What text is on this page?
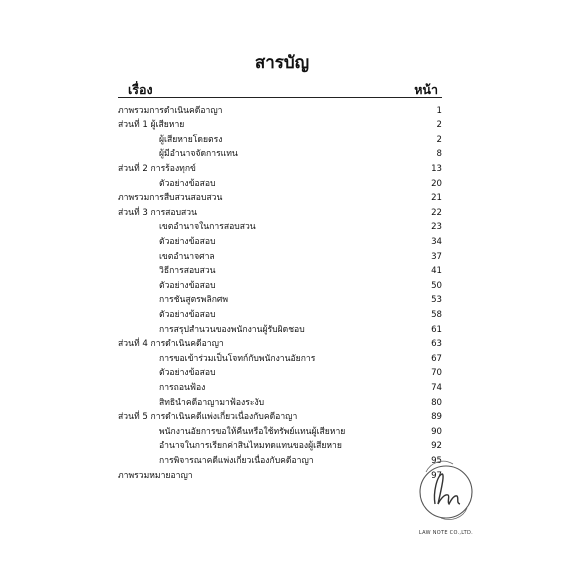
สารบัญ
เรื่อง	หน้า
ภาพรวมการดำเนินคดีอาญา	1
ส่วนที่ 1 ผู้เสียหาย	2
ผู้เสียหายโดยตรง	2
ผู้มีอำนาจจัดการแทน	8
ส่วนที่ 2 การร้องทุกข์	13
ตัวอย่างข้อสอบ	20
ภาพรวมการสืบสวนสอบสวน	21
ส่วนที่ 3 การสอบสวน	22
เขตอำนาจในการสอบสวน	23
ตัวอย่างข้อสอบ	34
เขตอำนาจศาล	37
วิธีการสอบสวน	41
ตัวอย่างข้อสอบ	50
การชันสูตรพลิกศพ	53
ตัวอย่างข้อสอบ	58
การสรุปสำนวนของพนักงานผู้รับผิดชอบ	61
ส่วนที่ 4 การดำเนินคดีอาญา	63
การขอเข้าร่วมเป็นโจทก์กับพนักงานอัยการ	67
ตัวอย่างข้อสอบ	70
การถอนฟ้อง	74
สิทธินำคดีอาญามาฟ้องระงับ	80
ส่วนที่ 5 การดำเนินคดีแพ่งเกี่ยวเนื่องกับคดีอาญา	89
พนักงานอัยการขอให้คืนหรือใช้ทรัพย์แทนผู้เสียหาย	90
อำนาจในการเรียกค่าสินไหมทดแทนของผู้เสียหาย	92
การพิจารณาคดีแพ่งเกี่ยวเนื่องกับคดีอาญา	95
ภาพรวมหมายอาญา	97
LAW NOTE CO.,LTD.
